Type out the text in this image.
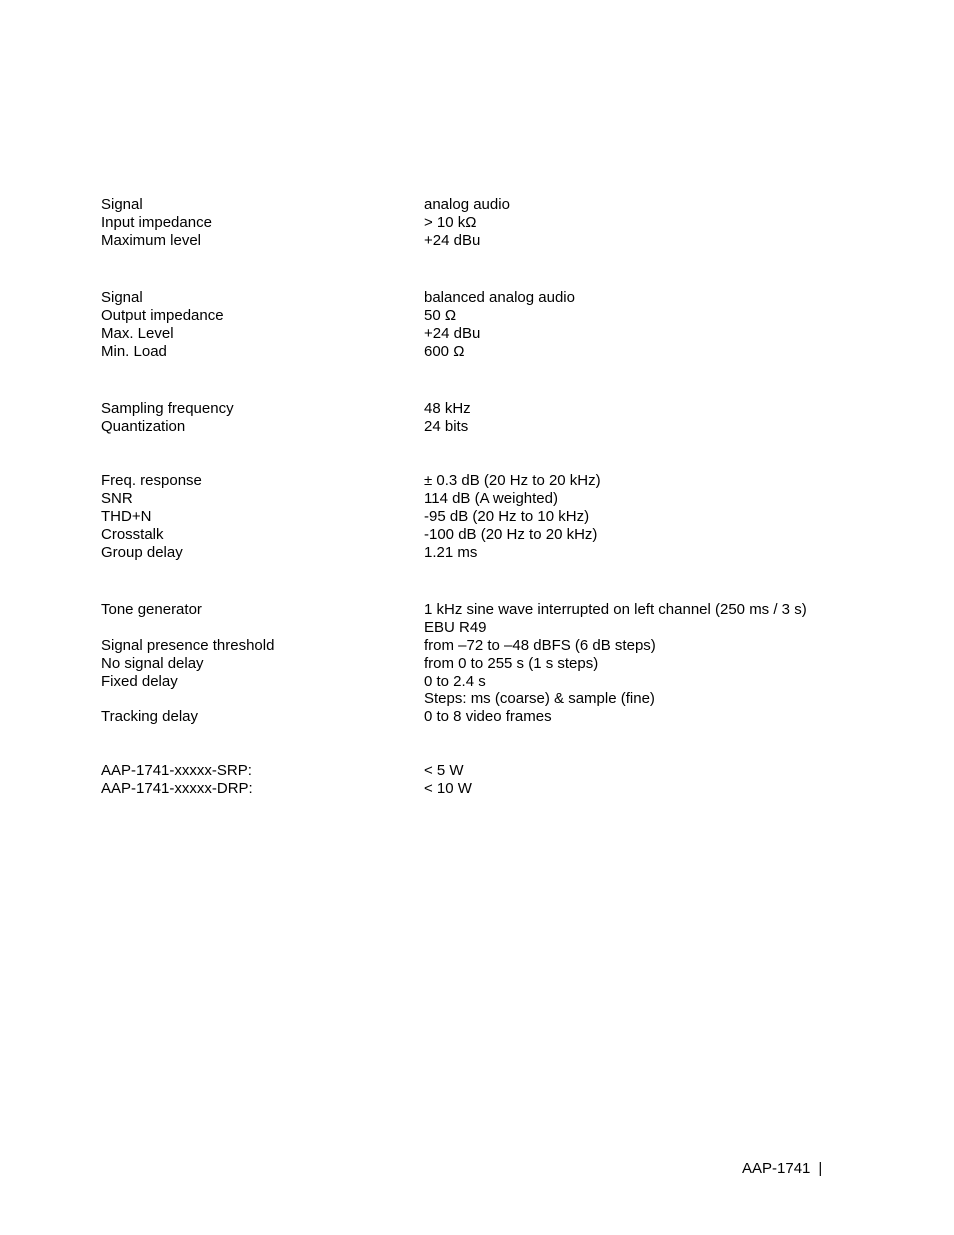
Signal	analog audio
Input impedance	> 10 kΩ
Maximum level	+24 dBu
Signal	balanced analog audio
Output impedance	50 Ω
Max. Level	+24 dBu
Min. Load	600 Ω
Sampling frequency	48 kHz
Quantization	24 bits
Freq. response	± 0.3 dB (20 Hz to 20 kHz)
SNR	114 dB (A weighted)
THD+N	-95 dB (20 Hz to 10 kHz)
Crosstalk	-100 dB (20 Hz to 20 kHz)
Group delay	1.21 ms
Tone generator	1 kHz sine wave interrupted on left channel (250 ms / 3 s)
EBU R49
Signal presence threshold	from –72 to –48 dBFS (6 dB steps)
No signal delay	from 0 to 255 s (1 s steps)
Fixed delay	0 to 2.4 s
Steps: ms (coarse) & sample (fine)
Tracking delay	0 to 8 video frames
AAP-1741-xxxxx-SRP:	< 5 W
AAP-1741-xxxxx-DRP:	< 10 W
AAP-1741 |
